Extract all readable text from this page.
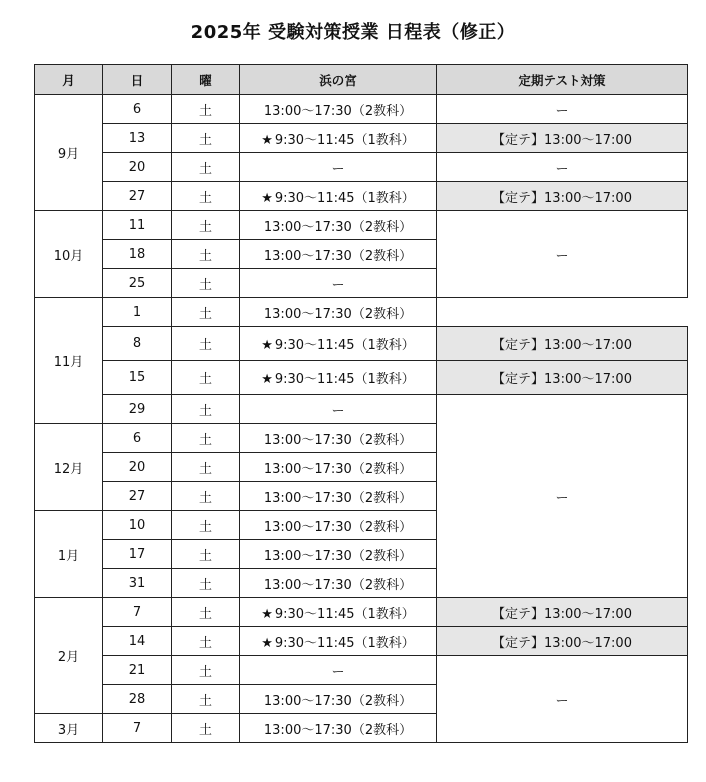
2025年 受験対策授業 日程表（修正）
月	日	曜	浜の宮	定期テスト対策
9月	6	土	13:00〜17:30（2教科）	ー
	13	土	★ 9:30〜11:45（1教科）	【定テ】13:00〜17:00
	20	土	ー	ー
	27	土	★ 9:30〜11:45（1教科）	【定テ】13:00〜17:00
10月	11	土	13:00〜17:30（2教科）	ー
	18	土	13:00〜17:30（2教科）	
	25	土	ー	
11月	1	土	13:00〜17:30（2教科）	
	8	土	★ 9:30〜11:45（1教科）	【定テ】13:00〜17:00
	15	土	★ 9:30〜11:45（1教科）	【定テ】13:00〜17:00
	29	土	ー	ー
12月	6	土	13:00〜17:30（2教科）	
	20	土	13:00〜17:30（2教科）	
	27	土	13:00〜17:30（2教科）	
1月	10	土	13:00〜17:30（2教科）	
	17	土	13:00〜17:30（2教科）	
	31	土	13:00〜17:30（2教科）	
2月	7	土	★ 9:30〜11:45（1教科）	【定テ】13:00〜17:00
	14	土	★ 9:30〜11:45（1教科）	【定テ】13:00〜17:00
	21	土	ー	ー
	28	土	13:00〜17:30（2教科）	
3月	7	土	13:00〜17:30（2教科）	
